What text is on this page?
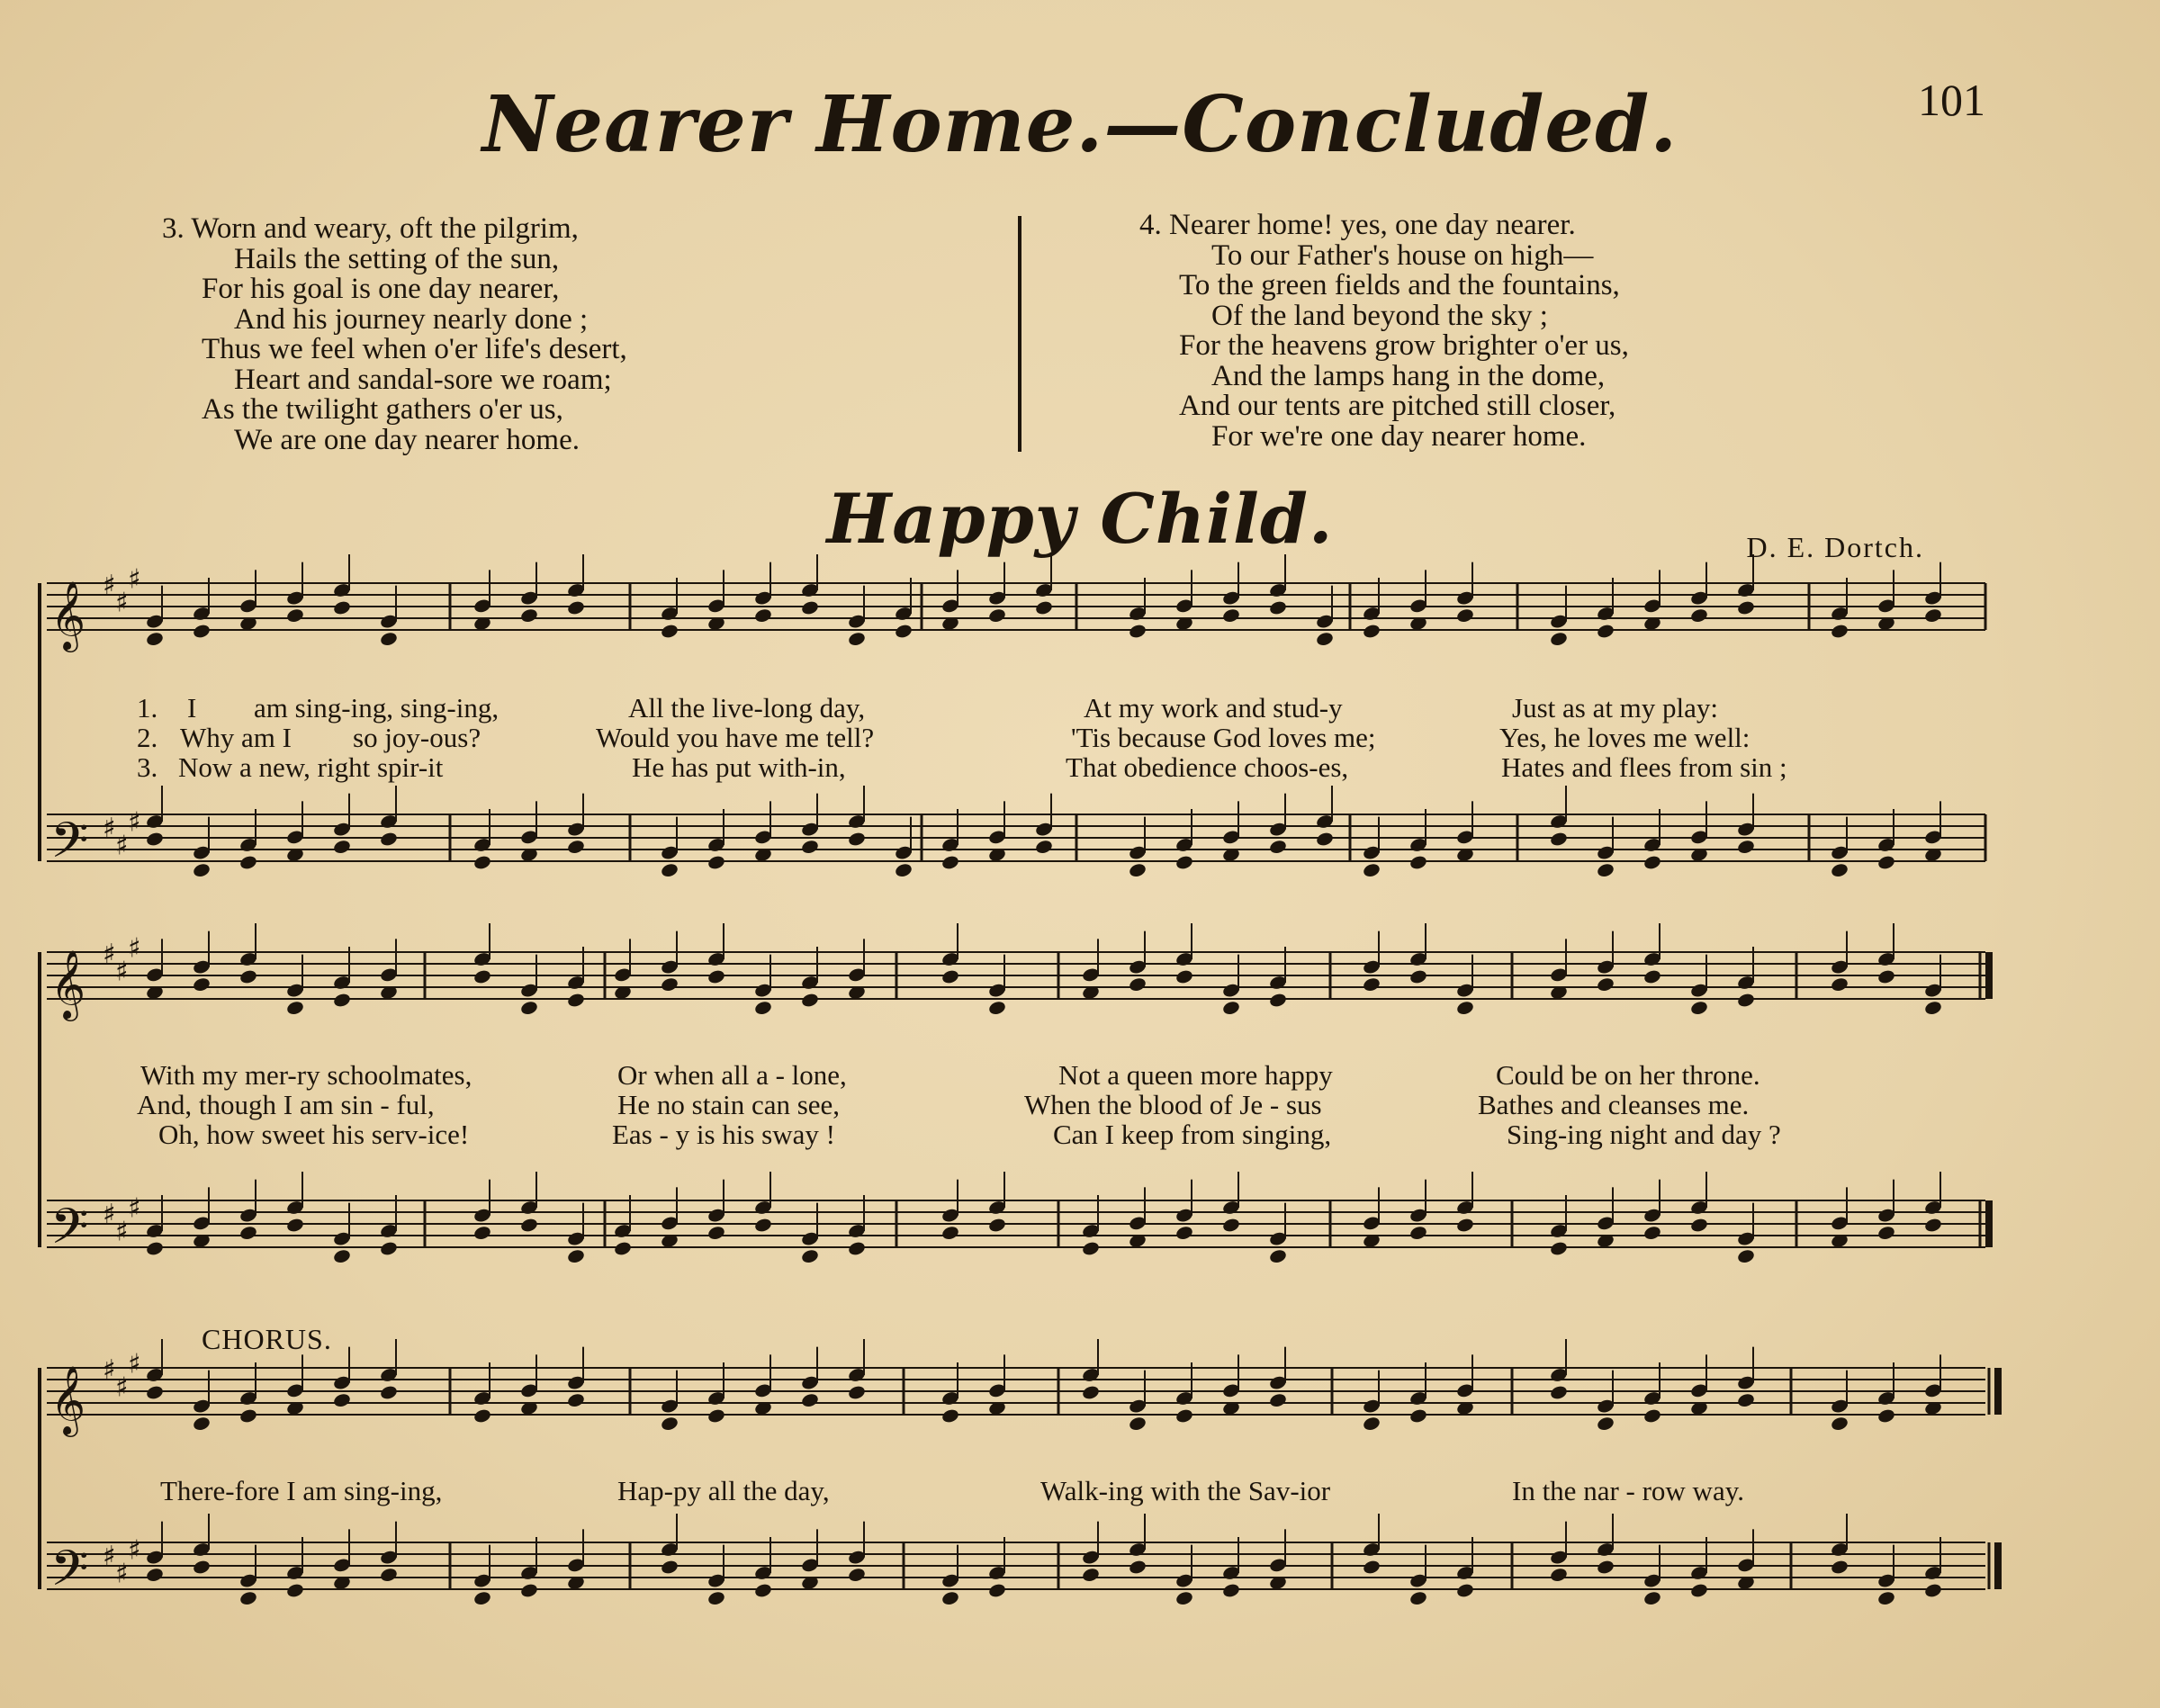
101
Nearer Home.—Concluded.
3. Worn and weary, oft the pilgrim,
Hails the setting of the sun,
For his goal is one day nearer,
And his journey nearly done ;
Thus we feel when o'er life's desert,
Heart and sandal-sore we roam;
As the twilight gathers o'er us,
We are one day nearer home.
4. Nearer home! yes, one day nearer.
To our Father's house on high—
To the green fields and the fountains,
Of the land beyond the sky ;
For the heavens grow brighter o'er us,
And the lamps hang in the dome,
And our tents are pitched still closer,
For we're one day nearer home.
Happy Child.	D. E. Dortch.
𝄞 ♯
♯
♯
𝄢 ♯
♯
♯
𝄞 ♯
♯
♯
𝄢 ♯
♯
♯
𝄞 ♯
♯
♯
𝄢 ♯
♯
♯
1. I am sing-ing, sing-ing,	All the live-long day,	At my work and stud-y	Just as at my play:
2. Why am I so joy-ous?	Would you have me tell?	'Tis because God loves me;	Yes, he loves me well:
3. Now a new, right spir-it	He has put with-in,	That obedience choos-es,	Hates and flees from sin ;
With my mer-ry schoolmates,	Or when all a - lone,	Not a queen more happy	Could be on her throne.
And, though I am sin - ful,	He no stain can see,	When the blood of Je - sus	Bathes and cleanses me.
Oh, how sweet his serv-ice!	Eas - y is his sway !	Can I keep from singing,	Sing-ing night and day ?
CHORUS.
There-fore I am sing-ing,	Hap-py all the day,	Walk-ing with the Sav-ior	In the nar - row way.
